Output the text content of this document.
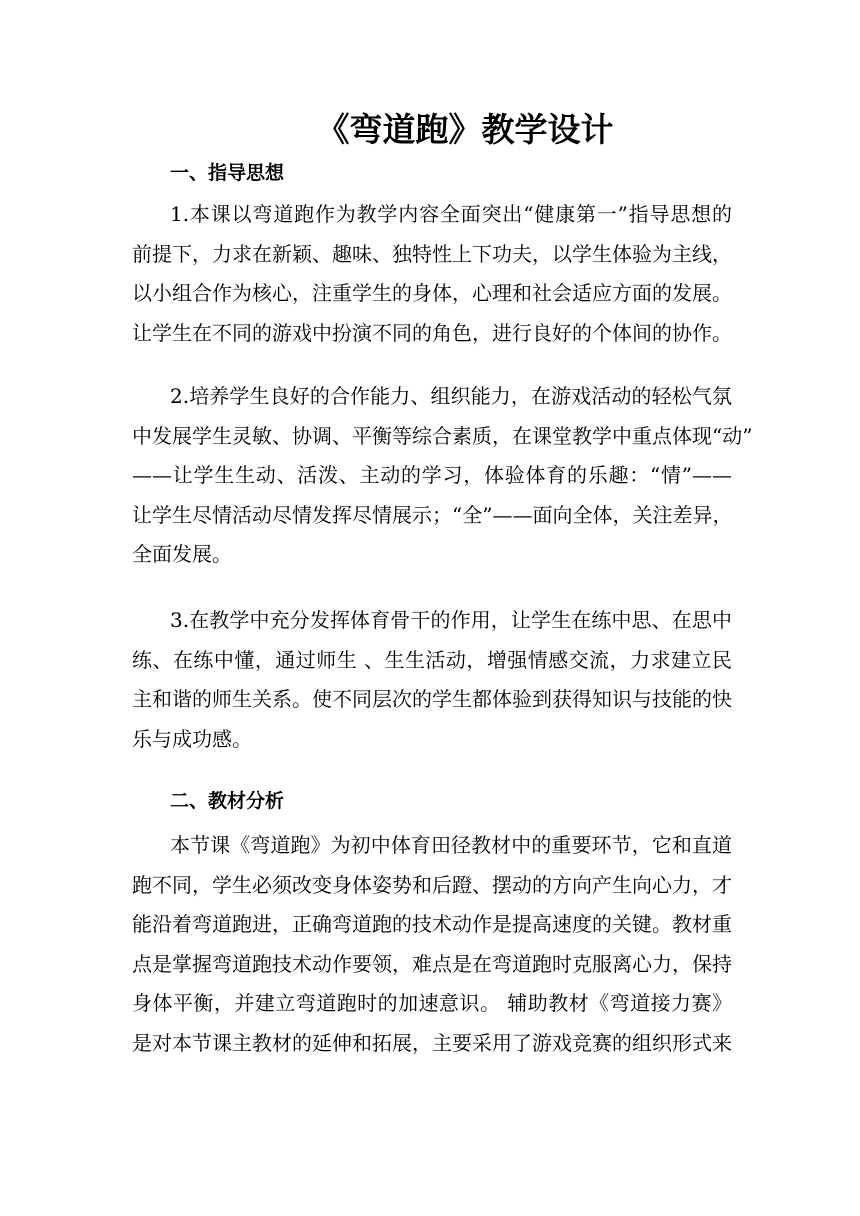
《弯道跑》教学设计
一、指导思想
1.本课以弯道跑作为教学内容全面突出“健康第一”指导思想的
前提下，力求在新颖、趣味、独特性上下功夫，以学生体验为主线，
以小组合作为核心，注重学生的身体，心理和社会适应方面的发展。
让学生在不同的游戏中扮演不同的角色，进行良好的个体间的协作。
2.培养学生良好的合作能力、组织能力，在游戏活动的轻松气氛
中发展学生灵敏、协调、平衡等综合素质，在课堂教学中重点体现“动”
——让学生生动、活泼、主动的学习，体验体育的乐趣：“情”——
让学生尽情活动尽情发挥尽情展示；“全”——面向全体，关注差异，
全面发展。
3.在教学中充分发挥体育骨干的作用，让学生在练中思、在思中
练、在练中懂，通过师生 、生生活动，增强情感交流，力求建立民
主和谐的师生关系。使不同层次的学生都体验到获得知识与技能的快
乐与成功感。
二、教材分析
本节课《弯道跑》为初中体育田径教材中的重要环节，它和直道
跑不同，学生必须改变身体姿势和后蹬、摆动的方向产生向心力，才
能沿着弯道跑进，正确弯道跑的技术动作是提高速度的关键。教材重
点是掌握弯道跑技术动作要领，难点是在弯道跑时克服离心力，保持
身体平衡，并建立弯道跑时的加速意识。 辅助教材《弯道接力赛》
是对本节课主教材的延伸和拓展，主要采用了游戏竞赛的组织形式来
